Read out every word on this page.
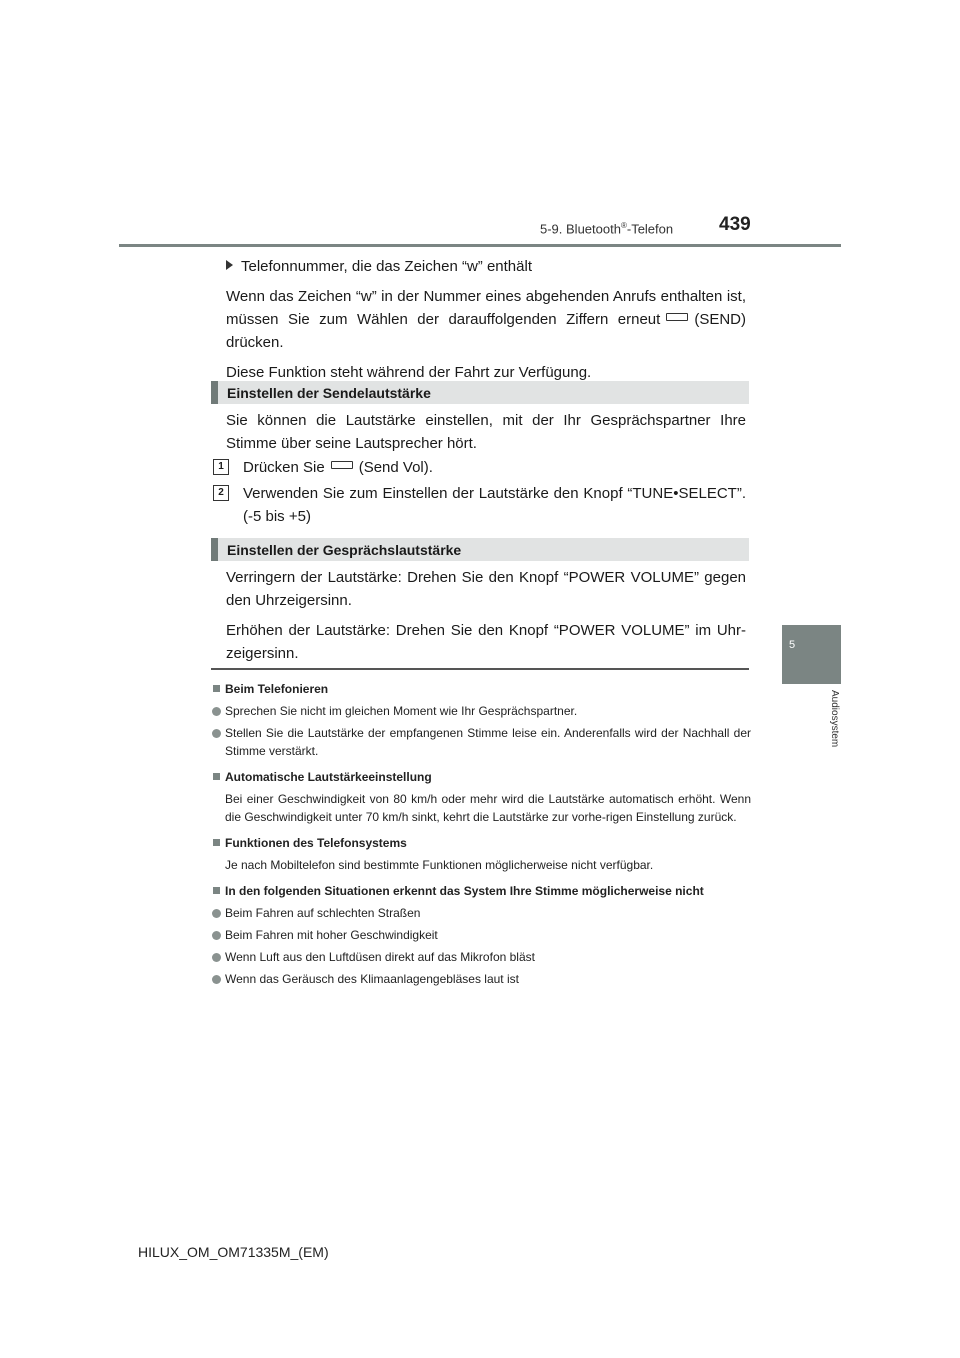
5-9. Bluetooth®-Telefon 439
5
Audiosystem

Telefonnummer, die das Zeichen “w” enthält

Wenn das Zeichen “w” in der Nummer eines abgehenden Anrufs enthalten ist, müssen Sie zum Wählen der darauffolgenden Ziffern erneut (SEND) drücken.

Diese Funktion steht während der Fahrt zur Verfügung.

Einstellen der Sendelautstärke

Sie können die Lautstärke einstellen, mit der Ihr Gesprächspartner Ihre Stimme über seine Lautsprecher hört.

1	Drücken Sie (Send Vol).
2	Verwenden Sie zum Einstellen der Lautstärke den Knopf “TUNE•SELECT”. (-5 bis +5)
Einstellen der Gesprächslautstärke

Verringern der Lautstärke: Drehen Sie den Knopf “POWER VOLUME” gegen den Uhrzeigersinn.

Erhöhen der Lautstärke: Drehen Sie den Knopf “POWER VOLUME” im Uhr-zeigersinn.

Beim Telefonieren

Sprechen Sie nicht im gleichen Moment wie Ihr Gesprächspartner.

Stellen Sie die Lautstärke der empfangenen Stimme leise ein. Anderenfalls wird der Nachhall der Stimme verstärkt.

Automatische Lautstärkeeinstellung

Bei einer Geschwindigkeit von 80 km/h oder mehr wird die Lautstärke automatisch erhöht. Wenn die Geschwindigkeit unter 70 km/h sinkt, kehrt die Lautstärke zur vorhe-rigen Einstellung zurück.

Funktionen des Telefonsystems

Je nach Mobiltelefon sind bestimmte Funktionen möglicherweise nicht verfügbar.

In den folgenden Situationen erkennt das System Ihre Stimme möglicherweise nicht

Beim Fahren auf schlechten Straßen

Beim Fahren mit hoher Geschwindigkeit

Wenn Luft aus den Luftdüsen direkt auf das Mikrofon bläst

Wenn das Geräusch des Klimaanlagengebläses laut ist

HILUX_OM_OM71335M_(EM)
